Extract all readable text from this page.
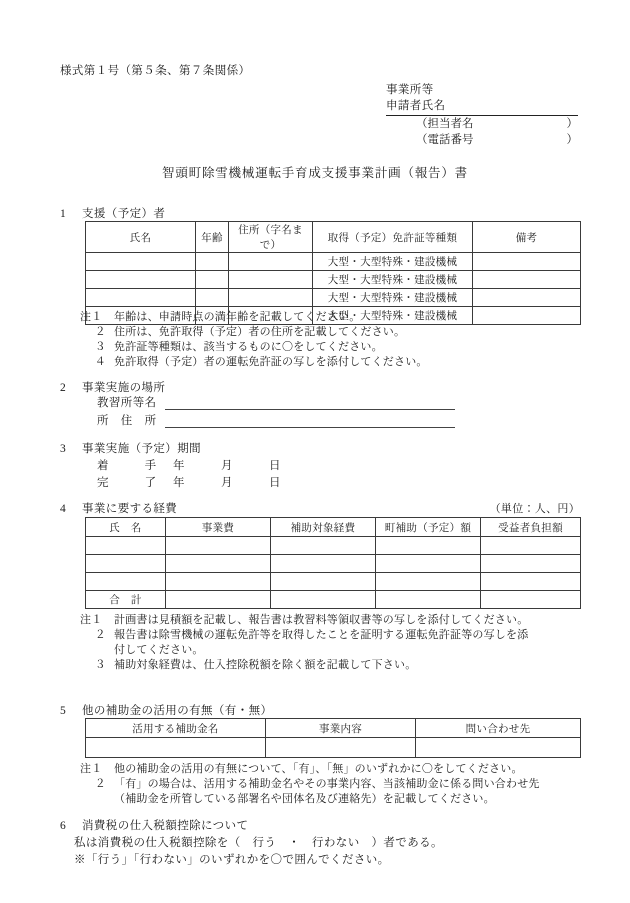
様式第１号（第５条、第７条関係）
事業所等
申請者氏名
（担当者名	）
（電話番号	）
智頭町除雪機械運転手育成支援事業計画（報告）書
1 支援（予定）者
氏名	年齢	住所（字名まで）	取得（予定）免許証等種類	備考
			大型・大型特殊・建設機械	
			大型・大型特殊・建設機械	
			大型・大型特殊・建設機械	
			大型・大型特殊・建設機械	
注１	年齢は、申請時点の満年齢を記載してください。
２ 住所は、免許取得（予定）者の住所を記載してください。
３ 免許証等種類は、該当するものに〇をしてください。
４ 免許取得（予定）者の運転免許証の写しを添付してください。
2 事業実施の場所
教習所等名
所　住　所
3 事業実施（予定）期間
着　　　手 年	月	日
完　　　了 年	月	日
4 事業に要する経費	（単位：人、円）
氏　名	事業費	補助対象経費	町補助（予定）額	受益者負担額

合　計				
注１	計画書は見積額を記載し、報告書は教習料等領収書等の写しを添付してください。
２ 報告書は除雪機械の運転免許等を取得したことを証明する運転免許証等の写しを添
付してください。
３ 補助対象経費は、仕入控除税額を除く額を記載して下さい。
5 他の補助金の活用の有無（有・無）
活用する補助金名	事業内容	問い合わせ先

注１	他の補助金の活用の有無について、「有」、「無」のいずれかに〇をしてください。
２ 「有」の場合は、活用する補助金名やその事業内容、当該補助金に係る問い合わせ先
（補助金を所管している部署名や団体名及び連絡先）を記載してください。
6 消費税の仕入税額控除について
私は消費税の仕入税額控除を（　行う　・　行わない　）者である。
※「行う」「行わない」のいずれかを〇で囲んでください。
